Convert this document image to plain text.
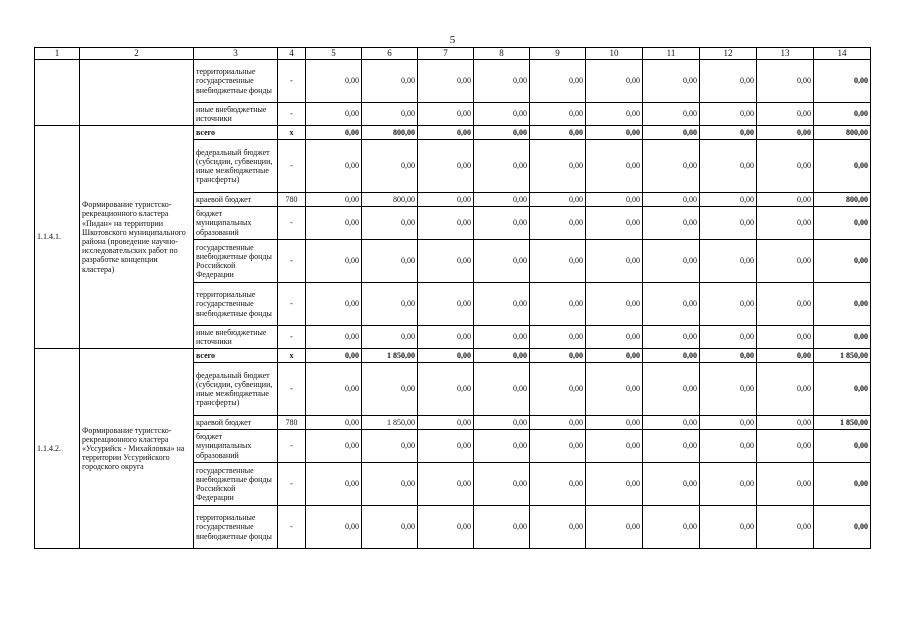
5
1	2	3	4	5	6	7	8	9	10	11	12	13	14
		территориальные государственные внебюджетные фонды	-	0,00	0,00	0,00	0,00	0,00	0,00	0,00	0,00	0,00	0,00
		иные внебюджетные источники	-	0,00	0,00	0,00	0,00	0,00	0,00	0,00	0,00	0,00	0,00
1.1.4.1.	Формирование туристско-рекреационного кластера «Пидан» на территории Шкотовского муниципального района (проведение научно-исследовательских работ по разработке концепции кластера)	всего	х	0,00	800,00	0,00	0,00	0,00	0,00	0,00	0,00	0,00	800,00
		федеральный бюджет (субсидии, субвенции, иные межбюджетные трансферты)	-	0,00	0,00	0,00	0,00	0,00	0,00	0,00	0,00	0,00	0,00
		краевой бюджет	780	0,00	800,00	0,00	0,00	0,00	0,00	0,00	0,00	0,00	800,00
		бюджет муниципальных образований	-	0,00	0,00	0,00	0,00	0,00	0,00	0,00	0,00	0,00	0,00
		государственные внебюджетные фонды Российской Федерации	-	0,00	0,00	0,00	0,00	0,00	0,00	0,00	0,00	0,00	0,00
		территориальные государственные внебюджетные фонды	-	0,00	0,00	0,00	0,00	0,00	0,00	0,00	0,00	0,00	0,00
		иные внебюджетные источники	-	0,00	0,00	0,00	0,00	0,00	0,00	0,00	0,00	0,00	0,00
1.1.4.2.	Формирование туристско-рекреационного кластера «Уссурийск - Михайловка» на территории Уссурийского городского округа	всего	х	0,00	1 850,00	0,00	0,00	0,00	0,00	0,00	0,00	0,00	1 850,00
		федеральный бюджет (субсидии, субвенции, иные межбюджетные трансферты)	-	0,00	0,00	0,00	0,00	0,00	0,00	0,00	0,00	0,00	0,00
		краевой бюджет	780	0,00	1 850,00	0,00	0,00	0,00	0,00	0,00	0,00	0,00	1 850,00
		бюджет муниципальных образований	-	0,00	0,00	0,00	0,00	0,00	0,00	0,00	0,00	0,00	0,00
		государственные внебюджетные фонды Российской Федерации	-	0,00	0,00	0,00	0,00	0,00	0,00	0,00	0,00	0,00	0,00
		территориальные государственные внебюджетные фонды	-	0,00	0,00	0,00	0,00	0,00	0,00	0,00	0,00	0,00	0,00
